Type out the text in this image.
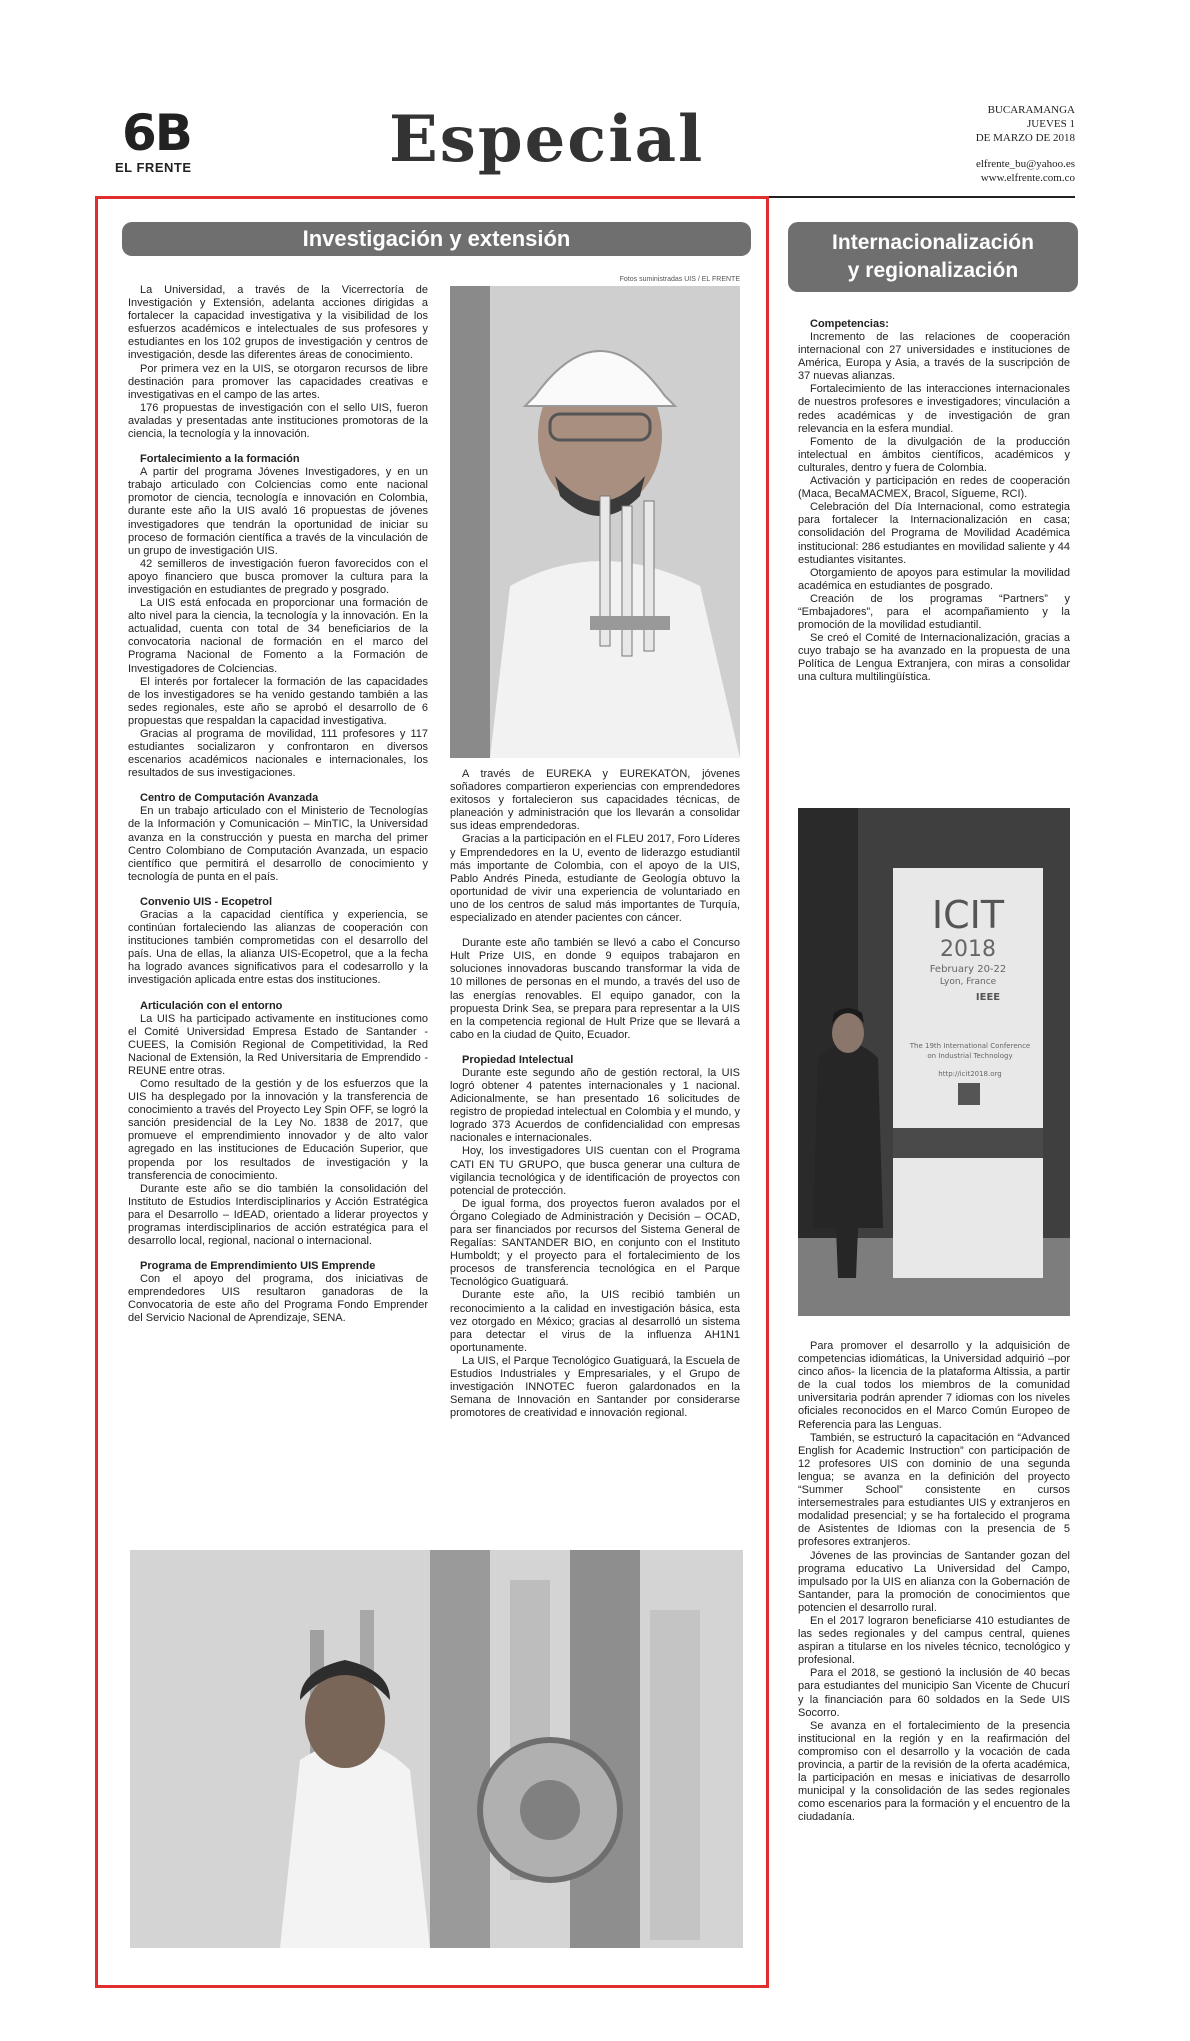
6B
EL FRENTE	Especial	BUCARAMANGA
JUEVES 1
DE MARZO DE 2018
elfrente_bu@yahoo.es
www.elfrente.com.co
Investigación y extensión
Fotos suministradas UIS / EL FRENTE

La Universidad, a través de la Vicerrectoría de Investigación y Extensión, adelanta acciones dirigidas a fortalecer la capacidad investigativa y la visibilidad de los esfuerzos académicos e intelectuales de sus profesores y estudiantes en los 102 grupos de investigación y centros de investigación, desde las diferentes áreas de conocimiento.

Por primera vez en la UIS, se otorgaron recursos de libre destinación para promover las capacidades creativas e investigativas en el campo de las artes.

176 propuestas de investigación con el sello UIS, fueron avaladas y presentadas ante instituciones promotoras de la ciencia, la tecnología y la innovación.

Fortalecimiento a la formación

A partir del programa Jóvenes Investigadores, y en un trabajo articulado con Colciencias como ente nacional promotor de ciencia, tecnología e innovación en Colombia, durante este año la UIS avaló 16 propuestas de jóvenes investigadores que tendrán la oportunidad de iniciar su proceso de formación científica a través de la vinculación de un grupo de investigación UIS.

42 semilleros de investigación fueron favorecidos con el apoyo financiero que busca promover la cultura para la investigación en estudiantes de pregrado y posgrado.

La UIS está enfocada en proporcionar una formación de alto nivel para la ciencia, la tecnología y la innovación. En la actualidad, cuenta con total de 34 beneficiarios de la convocatoria nacional de formación en el marco del Programa Nacional de Fomento a la Formación de Investigadores de Colciencias.

El interés por fortalecer la formación de las capacidades de los investigadores se ha venido gestando también a las sedes regionales, este año se aprobó el desarrollo de 6 propuestas que respaldan la capacidad investigativa.

Gracias al programa de movilidad, 111 profesores y 117 estudiantes socializaron y confrontaron en diversos escenarios académicos nacionales e internacionales, los resultados de sus investigaciones.

Centro de Computación Avanzada

En un trabajo articulado con el Ministerio de Tecnologías de la Información y Comunicación – MinTIC, la Universidad avanza en la construcción y puesta en marcha del primer Centro Colombiano de Computación Avanzada, un espacio científico que permitirá el desarrollo de conocimiento y tecnología de punta en el país.

Convenio UIS - Ecopetrol

Gracias a la capacidad científica y experiencia, se continúan fortaleciendo las alianzas de cooperación con instituciones también comprometidas con el desarrollo del país. Una de ellas, la alianza UIS-Ecopetrol, que a la fecha ha logrado avances significativos para el codesarrollo y la investigación aplicada entre estas dos instituciones.

Articulación con el entorno

La UIS ha participado activamente en instituciones como el Comité Universidad Empresa Estado de Santander - CUEES, la Comisión Regional de Competitividad, la Red Nacional de Extensión, la Red Universitaria de Emprendido - REUNE entre otras.

Como resultado de la gestión y de los esfuerzos que la UIS ha desplegado por la innovación y la transferencia de conocimiento a través del Proyecto Ley Spin OFF, se logró la sanción presidencial de la Ley No. 1838 de 2017, que promueve el emprendimiento innovador y de alto valor agregado en las instituciones de Educación Superior, que propenda por los resultados de investigación y la transferencia de conocimiento.

Durante este año se dio también la consolidación del Instituto de Estudios Interdisciplinarios y Acción Estratégica para el Desarrollo – IdEAD, orientado a liderar proyectos y programas interdisciplinarios de acción estratégica para el desarrollo local, regional, nacional o internacional.

Programa de Emprendimiento UIS Emprende

Con el apoyo del programa, dos iniciativas de emprendedores UIS resultaron ganadoras de la Convocatoria de este año del Programa Fondo Emprender del Servicio Nacional de Aprendizaje, SENA.

A través de EUREKA y EUREKATÓN, jóvenes soñadores compartieron experiencias con emprendedores exitosos y fortalecieron sus capacidades técnicas, de planeación y administración que los llevarán a consolidar sus ideas emprendedoras.

Gracias a la participación en el FLEU 2017, Foro Líderes y Emprendedores en la U, evento de liderazgo estudiantil más importante de Colombia, con el apoyo de la UIS, Pablo Andrés Pineda, estudiante de Geología obtuvo la oportunidad de vivir una experiencia de voluntariado en uno de los centros de salud más importantes de Turquía, especializado en atender pacientes con cáncer.

Durante este año también se llevó a cabo el Concurso Hult Prize UIS, en donde 9 equipos trabajaron en soluciones innovadoras buscando transformar la vida de 10 millones de personas en el mundo, a través del uso de las energías renovables. El equipo ganador, con la propuesta Drink Sea, se prepara para representar a la UIS en la competencia regional de Hult Prize que se llevará a cabo en la ciudad de Quito, Ecuador.

Propiedad Intelectual

Durante este segundo año de gestión rectoral, la UIS logró obtener 4 patentes internacionales y 1 nacional. Adicionalmente, se han presentado 16 solicitudes de registro de propiedad intelectual en Colombia y el mundo, y logrado 373 Acuerdos de confidencialidad con empresas nacionales e internacionales.

Hoy, los investigadores UIS cuentan con el Programa CATI EN TU GRUPO, que busca generar una cultura de vigilancia tecnológica y de identificación de proyectos con potencial de protección.

De igual forma, dos proyectos fueron avalados por el Órgano Colegiado de Administración y Decisión – OCAD, para ser financiados por recursos del Sistema General de Regalías: SANTANDER BIO, en conjunto con el Instituto Humboldt; y el proyecto para el fortalecimiento de los procesos de transferencia tecnológica en el Parque Tecnológico Guatiguará.

Durante este año, la UIS recibió también un reconocimiento a la calidad en investigación básica, esta vez otorgado en México; gracias al desarrolló un sistema para detectar el virus de la influenza AH1N1 oportunamente.

La UIS, el Parque Tecnológico Guatiguará, la Escuela de Estudios Industriales y Empresariales, y el Grupo de investigación INNOTEC fueron galardonados en la Semana de Innovación en Santander por considerarse promotores de creatividad e innovación regional.

Internacionalización
y regionalización
Competencias:

Incremento de las relaciones de cooperación internacional con 27 universidades e instituciones de América, Europa y Asia, a través de la suscripción de 37 nuevas alianzas.

Fortalecimiento de las interacciones internacionales de nuestros profesores e investigadores; vinculación a redes académicas y de investigación de gran relevancia en la esfera mundial.

Fomento de la divulgación de la producción intelectual en ámbitos científicos, académicos y culturales, dentro y fuera de Colombia.

Activación y participación en redes de cooperación (Maca, BecaMACMEX, Bracol, Sígueme, RCI).

Celebración del Día Internacional, como estrategia para fortalecer la Internacionalización en casa; consolidación del Programa de Movilidad Académica institucional: 286 estudiantes en movilidad saliente y 44 estudiantes visitantes.

Otorgamiento de apoyos para estimular la movilidad académica en estudiantes de posgrado.

Creación de los programas “Partners” y “Embajadores”, para el acompañamiento y la promoción de la movilidad estudiantil.

Se creó el Comité de Internacionalización, gracias a cuyo trabajo se ha avanzado en la propuesta de una Política de Lengua Extranjera, con miras a consolidar una cultura multilingüística.

ICIT
2018
February 20-22
Lyon, France
IEEE
The 19th International Conference
on Industrial Technology
http://icit2018.org

Para promover el desarrollo y la adquisición de competencias idiomáticas, la Universidad adquirió –por cinco años- la licencia de la plataforma Altissia, a partir de la cual todos los miembros de la comunidad universitaria podrán aprender 7 idiomas con los niveles oficiales reconocidos en el Marco Común Europeo de Referencia para las Lenguas.

También, se estructuró la capacitación en “Advanced English for Academic Instruction” con participación de 12 profesores UIS con dominio de una segunda lengua; se avanza en la definición del proyecto “Summer School” consistente en cursos intersemestrales para estudiantes UIS y extranjeros en modalidad presencial; y se ha fortalecido el programa de Asistentes de Idiomas con la presencia de 5 profesores extranjeros.

Jóvenes de las provincias de Santander gozan del programa educativo La Universidad del Campo, impulsado por la UIS en alianza con la Gobernación de Santander, para la promoción de conocimientos que potencien el desarrollo rural.

En el 2017 lograron beneficiarse 410 estudiantes de las sedes regionales y del campus central, quienes aspiran a titularse en los niveles técnico, tecnológico y profesional.

Para el 2018, se gestionó la inclusión de 40 becas para estudiantes del municipio San Vicente de Chucurí y la financiación para 60 soldados en la Sede UIS Socorro.

Se avanza en el fortalecimiento de la presencia institucional en la región y en la reafirmación del compromiso con el desarrollo y la vocación de cada provincia, a partir de la revisión de la oferta académica, la participación en mesas e iniciativas de desarrollo municipal y la consolidación de las sedes regionales como escenarios para la formación y el encuentro de la ciudadanía.
